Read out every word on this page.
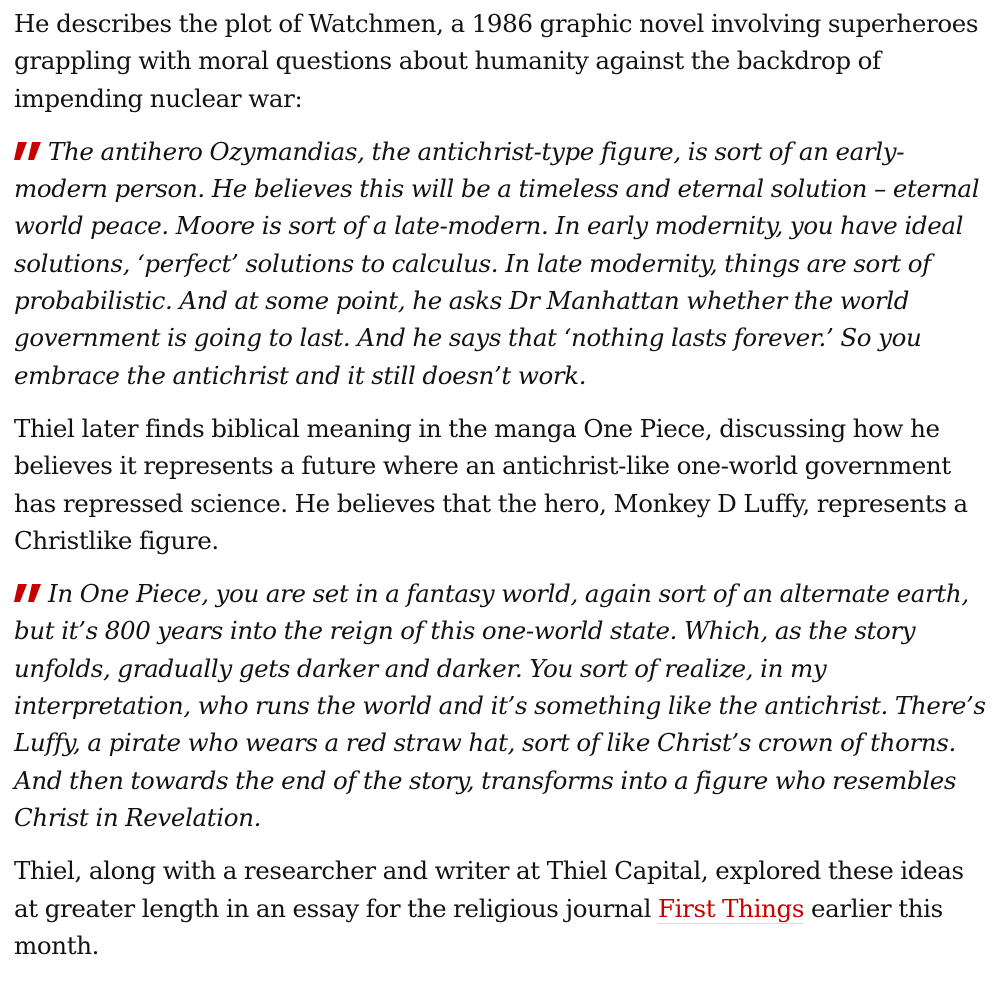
He describes the plot of Watchmen, a 1986 graphic novel involving superheroes grappling with moral questions about humanity against the backdrop of impending nuclear war:

The antihero Ozymandias, the antichrist-type figure, is sort of an early-modern person. He believes this will be a timeless and eternal solution – eternal world peace. Moore is sort of a late-modern. In early modernity, you have ideal solutions, ‘perfect’ solutions to calculus. In late modernity, things are sort of probabilistic. And at some point, he asks Dr Manhattan whether the world government is going to last. And he says that ‘nothing lasts forever.’ So you embrace the antichrist and it still doesn’t work.

Thiel later finds biblical meaning in the manga One Piece, discussing how he believes it represents a future where an antichrist-like one-world government has repressed science. He believes that the hero, Monkey D Luffy, represents a Christlike figure.

In One Piece, you are set in a fantasy world, again sort of an alternate earth, but it’s 800 years into the reign of this one-world state. Which, as the story unfolds, gradually gets darker and darker. You sort of realize, in my interpretation, who runs the world and it’s something like the antichrist. There’s Luffy, a pirate who wears a red straw hat, sort of like Christ’s crown of thorns. And then towards the end of the story, transforms into a figure who resembles Christ in Revelation.

Thiel, along with a researcher and writer at Thiel Capital, explored these ideas at greater length in an essay for the religious journal First Things earlier this month.
